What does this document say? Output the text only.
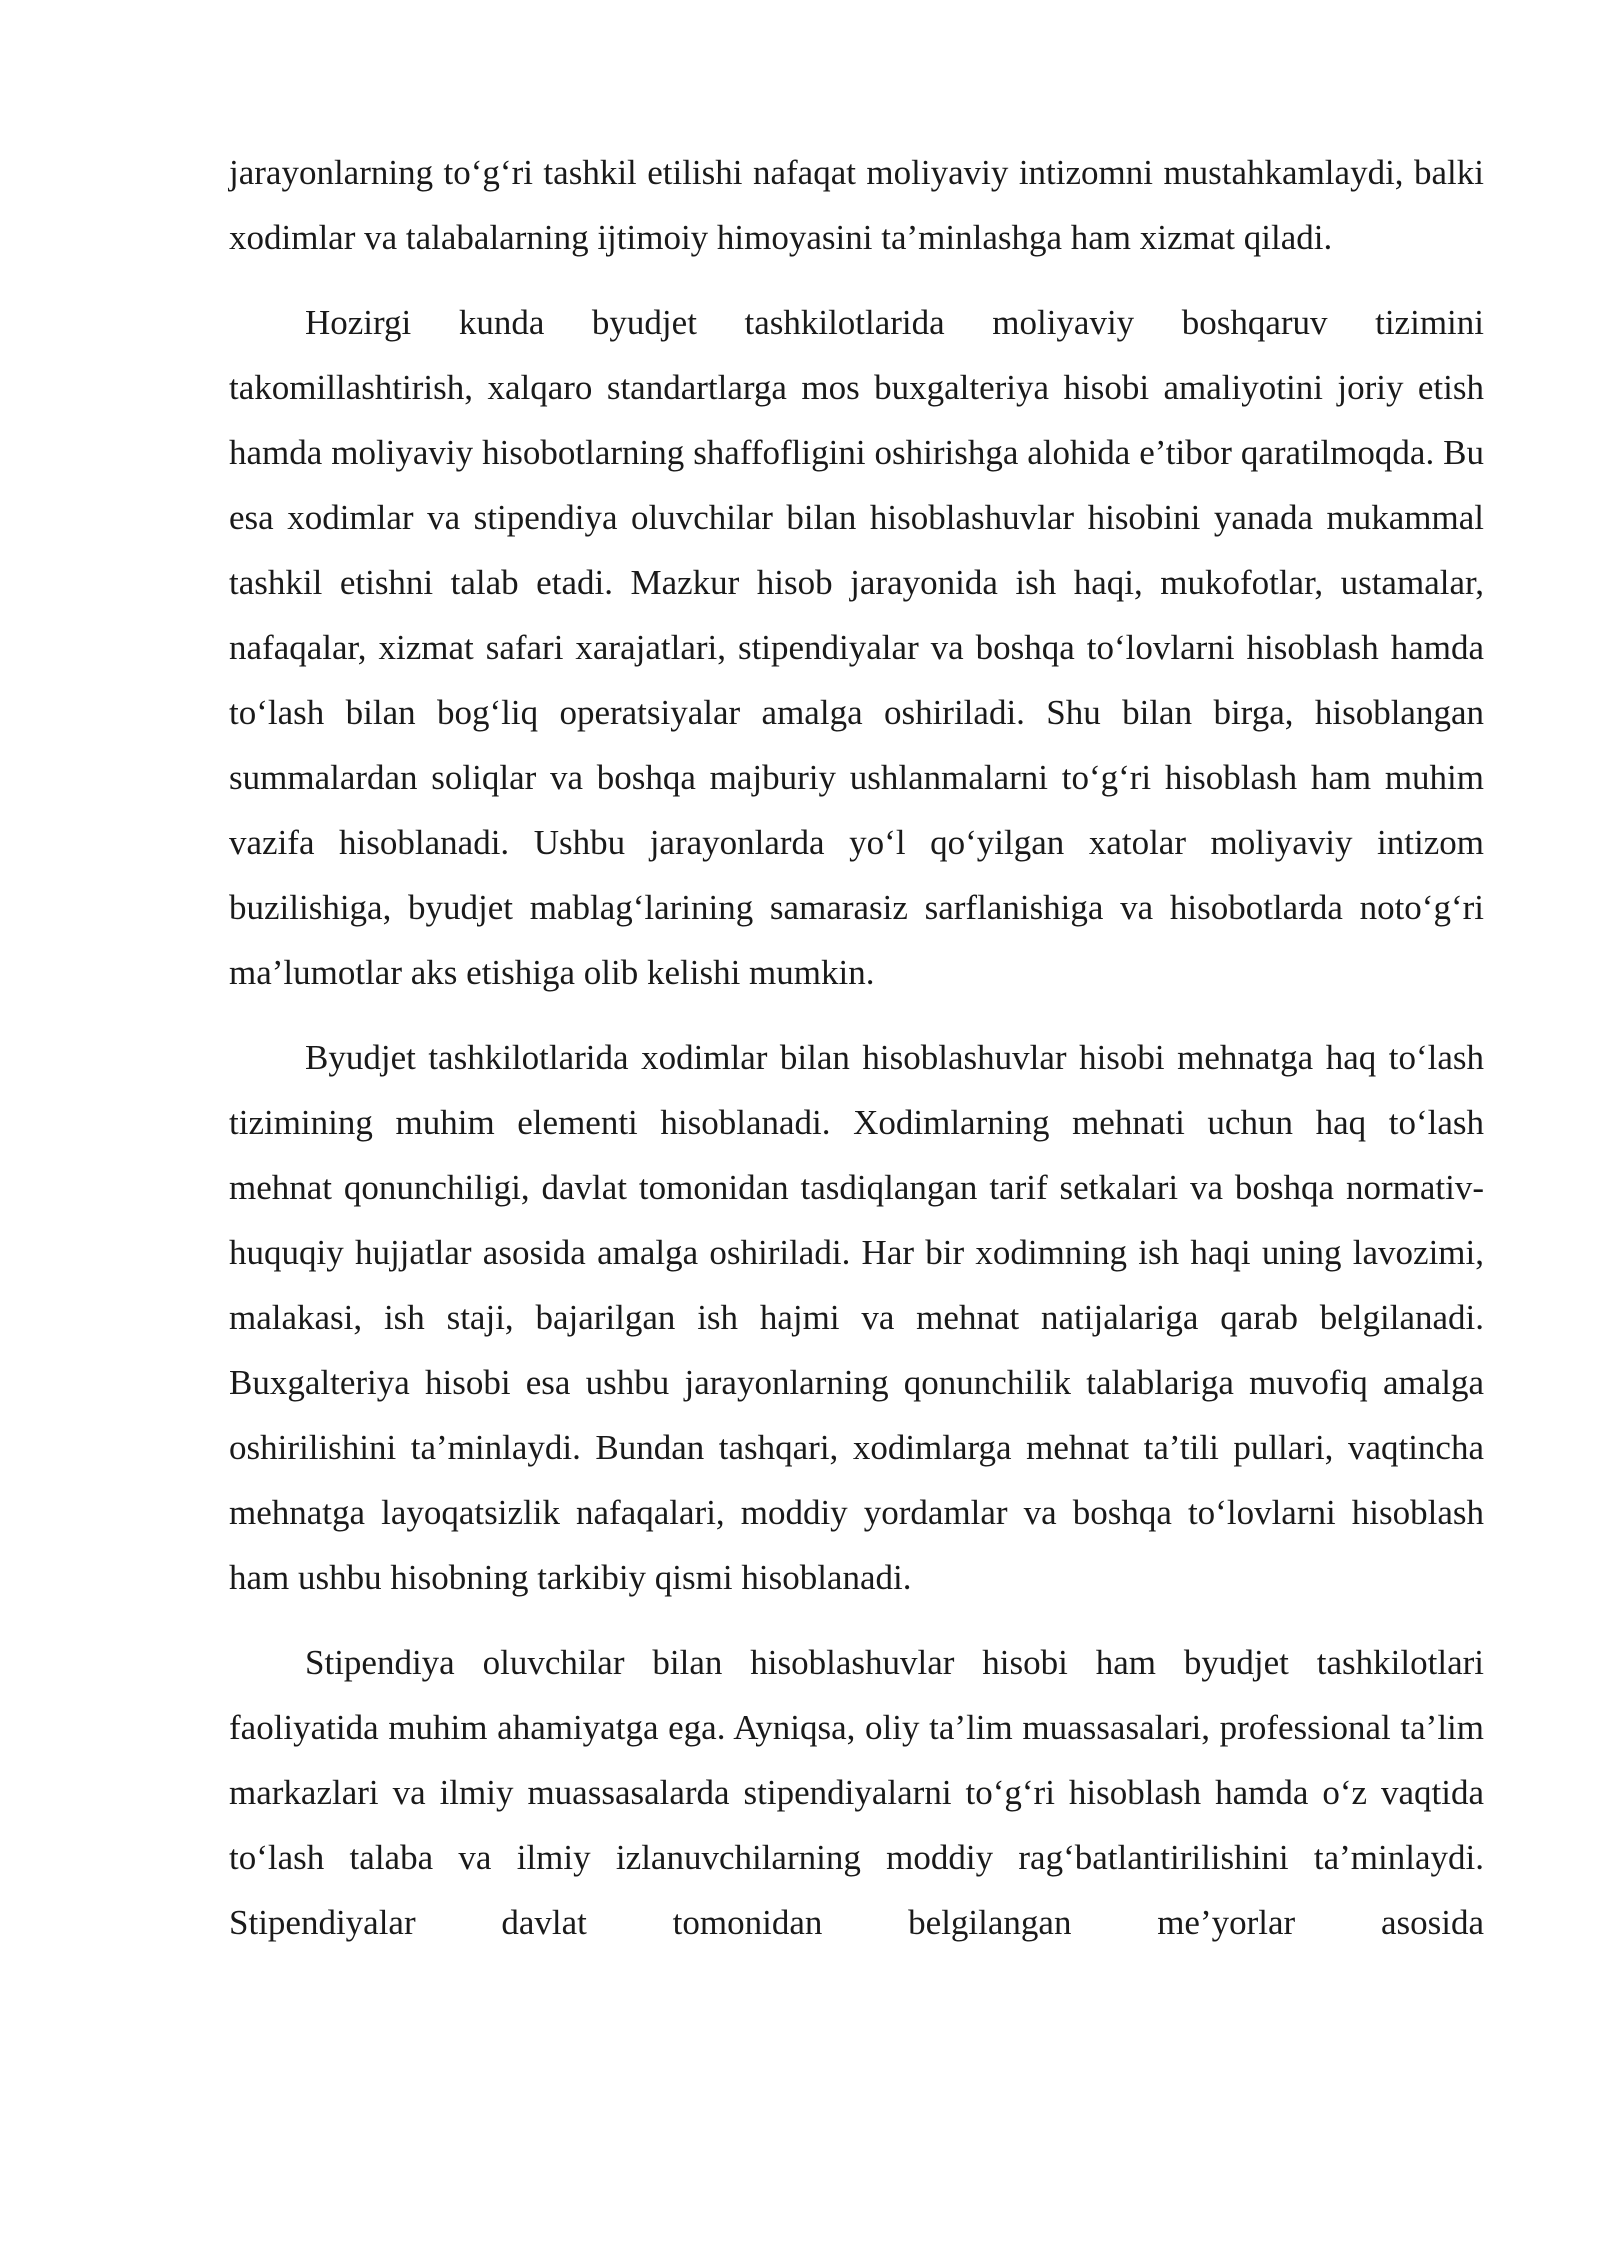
jarayonlarning to‘g‘ri tashkil etilishi nafaqat moliyaviy intizomni mustahkamlaydi, balki xodimlar va talabalarning ijtimoiy himoyasini ta’minlashga ham xizmat qiladi.

Hozirgi kunda byudjet tashkilotlarida moliyaviy boshqaruv tizimini takomillashtirish, xalqaro standartlarga mos buxgalteriya hisobi amaliyotini joriy etish hamda moliyaviy hisobotlarning shaffofligini oshirishga alohida e’tibor qaratilmoqda. Bu esa xodimlar va stipendiya oluvchilar bilan hisoblashuvlar hisobini yanada mukammal tashkil etishni talab etadi. Mazkur hisob jarayonida ish haqi, mukofotlar, ustamalar, nafaqalar, xizmat safari xarajatlari, stipendiyalar va boshqa to‘lovlarni hisoblash hamda to‘lash bilan bog‘liq operatsiyalar amalga oshiriladi. Shu bilan birga, hisoblangan summalardan soliqlar va boshqa majburiy ushlanmalarni to‘g‘ri hisoblash ham muhim vazifa hisoblanadi. Ushbu jarayonlarda yo‘l qo‘yilgan xatolar moliyaviy intizom buzilishiga, byudjet mablag‘larining samarasiz sarflanishiga va hisobotlarda noto‘g‘ri ma’lumotlar aks etishiga olib kelishi mumkin.

Byudjet tashkilotlarida xodimlar bilan hisoblashuvlar hisobi mehnatga haq to‘lash tizimining muhim elementi hisoblanadi. Xodimlarning mehnati uchun haq to‘lash mehnat qonunchiligi, davlat tomonidan tasdiqlangan tarif setkalari va boshqa normativ-huquqiy hujjatlar asosida amalga oshiriladi. Har bir xodimning ish haqi uning lavozimi, malakasi, ish staji, bajarilgan ish hajmi va mehnat natijalariga qarab belgilanadi. Buxgalteriya hisobi esa ushbu jarayonlarning qonunchilik talablariga muvofiq amalga oshirilishini ta’minlaydi. Bundan tashqari, xodimlarga mehnat ta’tili pullari, vaqtincha mehnatga layoqatsizlik nafaqalari, moddiy yordamlar va boshqa to‘lovlarni hisoblash ham ushbu hisobning tarkibiy qismi hisoblanadi.

Stipendiya oluvchilar bilan hisoblashuvlar hisobi ham byudjet tashkilotlari faoliyatida muhim ahamiyatga ega. Ayniqsa, oliy ta’lim muassasalari, professional ta’lim markazlari va ilmiy muassasalarda stipendiyalarni to‘g‘ri hisoblash hamda o‘z vaqtida to‘lash talaba va ilmiy izlanuvchilarning moddiy rag‘batlantirilishini ta’minlaydi. Stipendiyalar davlat tomonidan belgilangan me’yorlar asosida
